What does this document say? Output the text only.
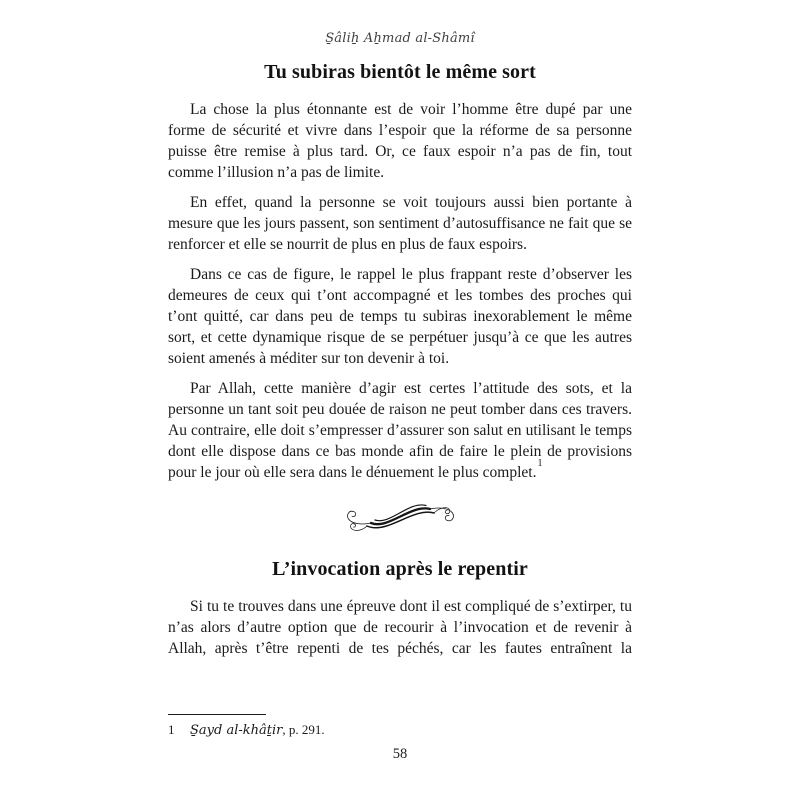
S̱âliẖ Aẖmad al-Shâmî
Tu subiras bientôt le même sort

La chose la plus étonnante est de voir l’homme être dupé par une forme de sécurité et vivre dans l’espoir que la réforme de sa personne puisse être remise à plus tard. Or, ce faux espoir n’a pas de fin, tout comme l’illusion n’a pas de limite.

En effet, quand la personne se voit toujours aussi bien portante à mesure que les jours passent, son sentiment d’autosuffisance ne fait que se renforcer et elle se nourrit de plus en plus de faux espoirs.

Dans ce cas de figure, le rappel le plus frappant reste d’observer les demeures de ceux qui t’ont accompagné et les tombes des proches qui t’ont quitté, car dans peu de temps tu subiras inexorablement le même sort, et cette dynamique risque de se perpétuer jusqu’à ce que les autres soient amenés à méditer sur ton devenir à toi.

Par Allah, cette manière d’agir est certes l’attitude des sots, et la personne un tant soit peu douée de raison ne peut tomber dans ces travers. Au contraire, elle doit s’empresser d’assurer son salut en utilisant le temps dont elle dispose dans ce bas monde afin de faire le plein de provisions pour le jour où elle sera dans le dénuement le plus complet.$^1$

L’invocation après le repentir

Si tu te trouves dans une épreuve dont il est compliqué de s’extirper, tu n’as alors d’autre option que de recourir à l’invocation et de revenir à Allah, après t’être repenti de tes péchés, car les fautes entraînent la

1 S̱ayd al-khâṯir, p. 291.
58
